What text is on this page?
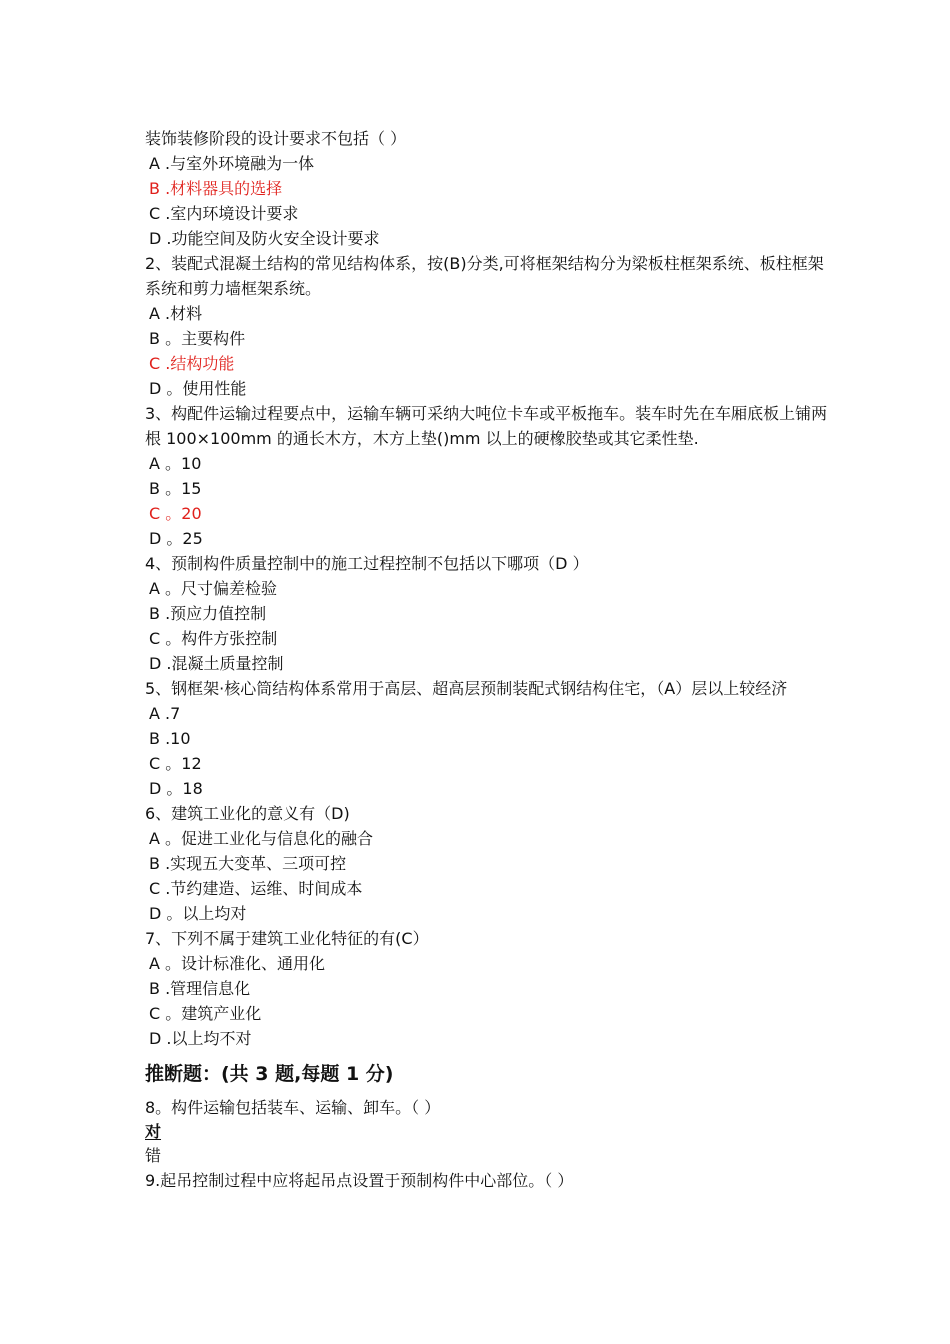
装饰装修阶段的设计要求不包括（ ）

A .与室外环境融为一体

B .材料器具的选择

C .室内环境设计要求

D .功能空间及防火安全设计要求

2、装配式混凝土结构的常见结构体系，按(B)分类,可将框架结构分为梁板柱框架系统、板柱框架系统和剪力墙框架系统。

A .材料

B 。主要构件

C .结构功能

D 。使用性能

3、构配件运输过程要点中，运输车辆可采纳大吨位卡车或平板拖车。装车时先在车厢底板上铺两根 100×100mm 的通长木方，木方上垫()mm 以上的硬橡胶垫或其它柔性垫.

A 。10

B 。15

C 。20

D 。25

4、预制构件质量控制中的施工过程控制不包括以下哪项（D ）

A 。尺寸偏差检验

B .预应力值控制

C 。构件方张控制

D .混凝土质量控制

5、钢框架·核心筒结构体系常用于高层、超高层预制装配式钢结构住宅，（A）层以上较经济

A .7

B .10

C 。12

D 。18

6、建筑工业化的意义有（D)

A 。促进工业化与信息化的融合

B .实现五大变革、三项可控

C .节约建造、运维、时间成本

D 。以上均对

7、下列不属于建筑工业化特征的有(C）

A 。设计标准化、通用化

B .管理信息化

C 。建筑产业化

D .以上均不对

推断题：(共 3 题,每题 1 分)

8。构件运输包括装车、运输、卸车。（ ）

对

错

9.起吊控制过程中应将起吊点设置于预制构件中心部位。（ ）
